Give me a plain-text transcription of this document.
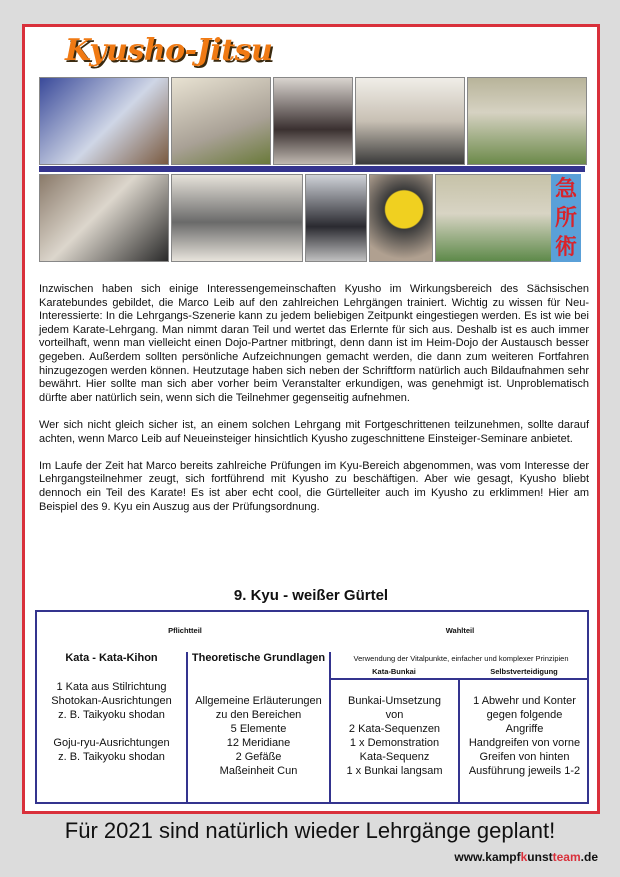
Kyusho-Jitsu
急
所
術

Inzwischen haben sich einige Interessengemeinschaften Kyusho im Wirkungsbereich des Sächsischen Karatebundes gebildet, die Marco Leib auf den zahlreichen Lehrgängen trainiert. Wichtig zu wissen für Neu-Interessierte: In die Lehrgangs-Szenerie kann zu jedem beliebigen Zeitpunkt eingestiegen werden. Es ist wie bei jedem Karate-Lehrgang. Man nimmt daran Teil und wertet das Erlernte für sich aus. Deshalb ist es auch immer vorteilhaft, wenn man vielleicht einen Dojo-Partner mitbringt, denn dann ist im Heim-Dojo der Austausch besser gegeben. Außerdem sollten persönliche Aufzeichnungen gemacht werden, die dann zum weiteren Fortfahren hinzugezogen werden können. Heutzutage haben sich neben der Schriftform natürlich auch Bildaufnahmen sehr bewährt. Hier sollte man sich aber vorher beim Veranstalter erkundigen, was genehmigt ist. Unproblematisch dürfte aber natürlich sein, wenn sich die Teilnehmer gegenseitig aufnehmen.

Wer sich nicht gleich sicher ist, an einem solchen Lehrgang mit Fortgeschrittenen teilzunehmen, sollte darauf achten, wenn Marco Leib auf Neueinsteiger hinsichtlich Kyusho zugeschnittene Einsteiger-Seminare anbietet.

Im Laufe der Zeit hat Marco bereits zahlreiche Prüfungen im Kyu-Bereich abgenommen, was vom Interesse der Lehrgangsteilnehmer zeugt, sich fortführend mit Kyusho zu beschäftigen. Aber wie gesagt, Kyusho bliebt dennoch ein Teil des Karate! Es ist aber echt cool, die Gürtelleiter auch im Kyusho zu erklimmen! Hier am Beispiel des 9. Kyu ein Auszug aus der Prüfungsordnung.

9. Kyu - weißer Gürtel
Pflichtteil	Wahlteil
Verwendung der Vitalpunkte, einfacher und komplexer Prinzipien
Kata-Bunkai	Selbstverteidigung
Kata - Kata-Kihon
1 Kata aus Stilrichtung
Shotokan-Ausrichtungen
z. B. Taikyoku shodan
Goju-ryu-Ausrichtungen
z. B. Taikyoku shodan
Theoretische Grundlagen
Allgemeine Erläuterungen
zu den Bereichen
5 Elemente
12 Meridiane
2 Gefäße
Maßeinheit Cun
Bunkai-Umsetzung
von
2 Kata-Sequenzen
1 x Demonstration
Kata-Sequenz
1 x Bunkai langsam
1 Abwehr und Konter
gegen folgende
Angriffe
Handgreifen von vorne
Greifen von hinten
Ausführung jeweils 1-2
Für 2021 sind natürlich wieder Lehrgänge geplant!
www.kampfkunstteam.de
